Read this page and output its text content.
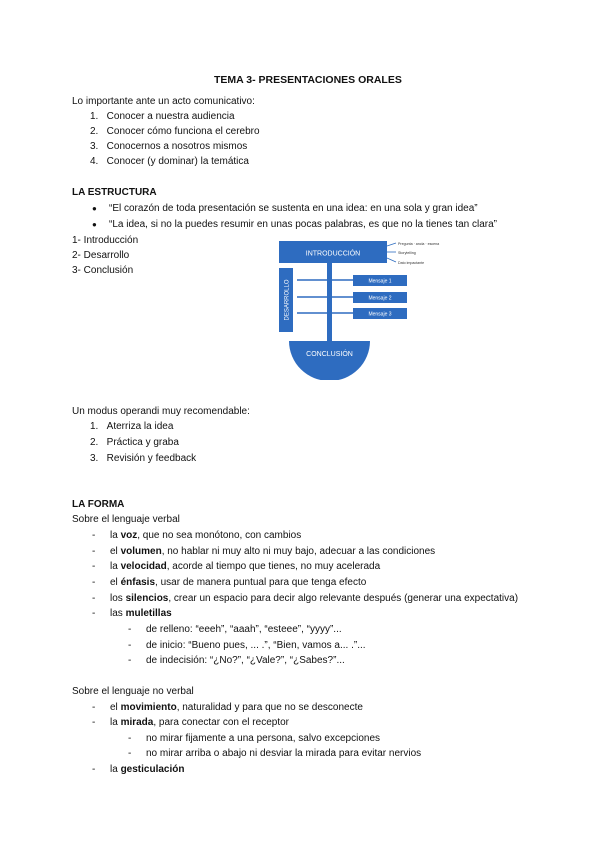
TEMA 3- PRESENTACIONES ORALES
Lo importante ante un acto comunicativo:
1.   Conocer a nuestra audiencia
2.   Conocer cómo funciona el cerebro
3.   Conocernos a nosotros mismos
4.   Conocer (y dominar) la temática
LA ESTRUCTURA
● “El corazón de toda presentación se sustenta en una idea: en una sola y gran idea”
● “La idea, si no la puedes resumir en unas pocas palabras, es que no la tienes tan clara”
1- Introducción
2- Desarrollo
3- Conclusión
INTRODUCCIÓN
Pregunta · ancla · escena
Storytelling
Dato impactante
DESARROLLO	Mensaje 1
Mensaje 2
Mensaje 3
CONCLUSIÓN
Un modus operandi muy recomendable:
1.   Aterriza la idea
2.   Práctica y graba
3.   Revisión y feedback
LA FORMA
Sobre el lenguaje verbal
- la voz, que no sea monótono, con cambios
- el volumen, no hablar ni muy alto ni muy bajo, adecuar a las condiciones
- la velocidad, acorde al tiempo que tienes, no muy acelerada
- el énfasis, usar de manera puntual para que tenga efecto
- los silencios, crear un espacio para decir algo relevante después (generar una expectativa)
- las muletillas
- de relleno: “eeeh”, “aaah”, “esteee”, “yyyy”...
- de inicio: “Bueno pues, ... .”, “Bien, vamos a... .”...
- de indecisión: “¿No?”, “¿Vale?”, “¿Sabes?”...
Sobre el lenguaje no verbal
- el movimiento, naturalidad y para que no se desconecte
- la mirada, para conectar con el receptor
- no mirar fijamente a una persona, salvo excepciones
- no mirar arriba o abajo ni desviar la mirada para evitar nervios
- la gesticulación
